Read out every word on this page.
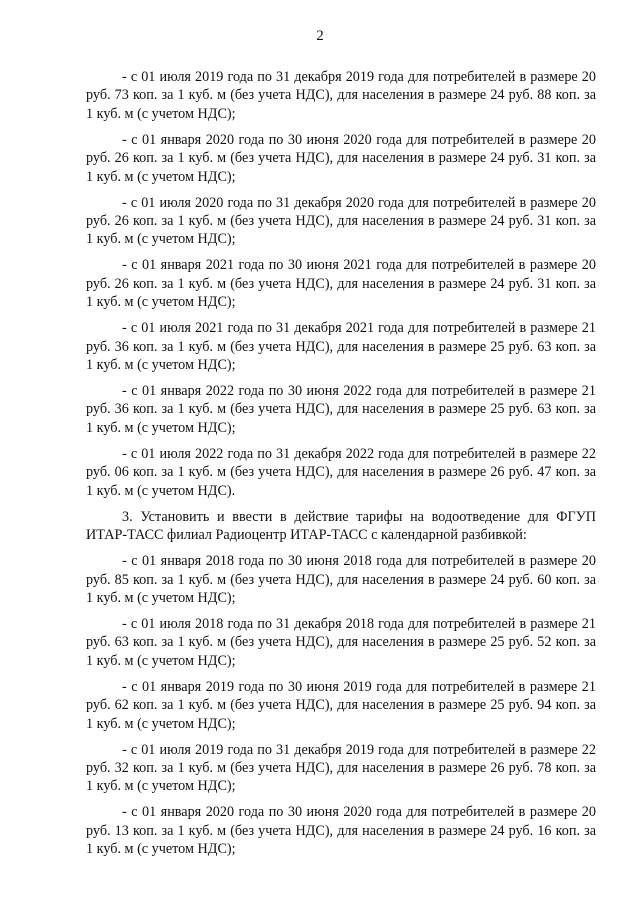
2

- с 01 июля 2019 года по 31 декабря 2019 года для потребителей в размере 20 руб. 73 коп. за 1 куб. м (без учета НДС), для населения в размере 24 руб. 88 коп. за 1 куб. м (с учетом НДС);

- с 01 января 2020 года по 30 июня 2020 года для потребителей в размере 20 руб. 26 коп. за 1 куб. м (без учета НДС), для населения в размере 24 руб. 31 коп. за 1 куб. м (с учетом НДС);

- с 01 июля 2020 года по 31 декабря 2020 года для потребителей в размере 20 руб. 26 коп. за 1 куб. м (без учета НДС), для населения в размере 24 руб. 31 коп. за 1 куб. м (с учетом НДС);

- с 01 января 2021 года по 30 июня 2021 года для потребителей в размере 20 руб. 26 коп. за 1 куб. м (без учета НДС), для населения в размере 24 руб. 31 коп. за 1 куб. м (с учетом НДС);

- с 01 июля 2021 года по 31 декабря 2021 года для потребителей в размере 21 руб. 36 коп. за 1 куб. м (без учета НДС), для населения в размере 25 руб. 63 коп. за 1 куб. м (с учетом НДС);

- с 01 января 2022 года по 30 июня 2022 года для потребителей в размере 21 руб. 36 коп. за 1 куб. м (без учета НДС), для населения в размере 25 руб. 63 коп. за 1 куб. м (с учетом НДС);

- с 01 июля 2022 года по 31 декабря 2022 года для потребителей в размере 22 руб. 06 коп. за 1 куб. м (без учета НДС), для населения в размере 26 руб. 47 коп. за 1 куб. м (с учетом НДС).

3. Установить и ввести в действие тарифы на водоотведение для ФГУП ИТАР-ТАСС филиал Радиоцентр ИТАР-ТАСС с календарной разбивкой:

- с 01 января 2018 года по 30 июня 2018 года для потребителей в размере 20 руб. 85 коп. за 1 куб. м (без учета НДС), для населения в размере 24 руб. 60 коп. за 1 куб. м (с учетом НДС);

- с 01 июля 2018 года по 31 декабря 2018 года для потребителей в размере 21 руб. 63 коп. за 1 куб. м (без учета НДС), для населения в размере 25 руб. 52 коп. за 1 куб. м (с учетом НДС);

- с 01 января 2019 года по 30 июня 2019 года для потребителей в размере 21 руб. 62 коп. за 1 куб. м (без учета НДС), для населения в размере 25 руб. 94 коп. за 1 куб. м (с учетом НДС);

- с 01 июля 2019 года по 31 декабря 2019 года для потребителей в размере 22 руб. 32 коп. за 1 куб. м (без учета НДС), для населения в размере 26 руб. 78 коп. за 1 куб. м (с учетом НДС);

- с 01 января 2020 года по 30 июня 2020 года для потребителей в размере 20 руб. 13 коп. за 1 куб. м (без учета НДС), для населения в размере 24 руб. 16 коп. за 1 куб. м (с учетом НДС);
